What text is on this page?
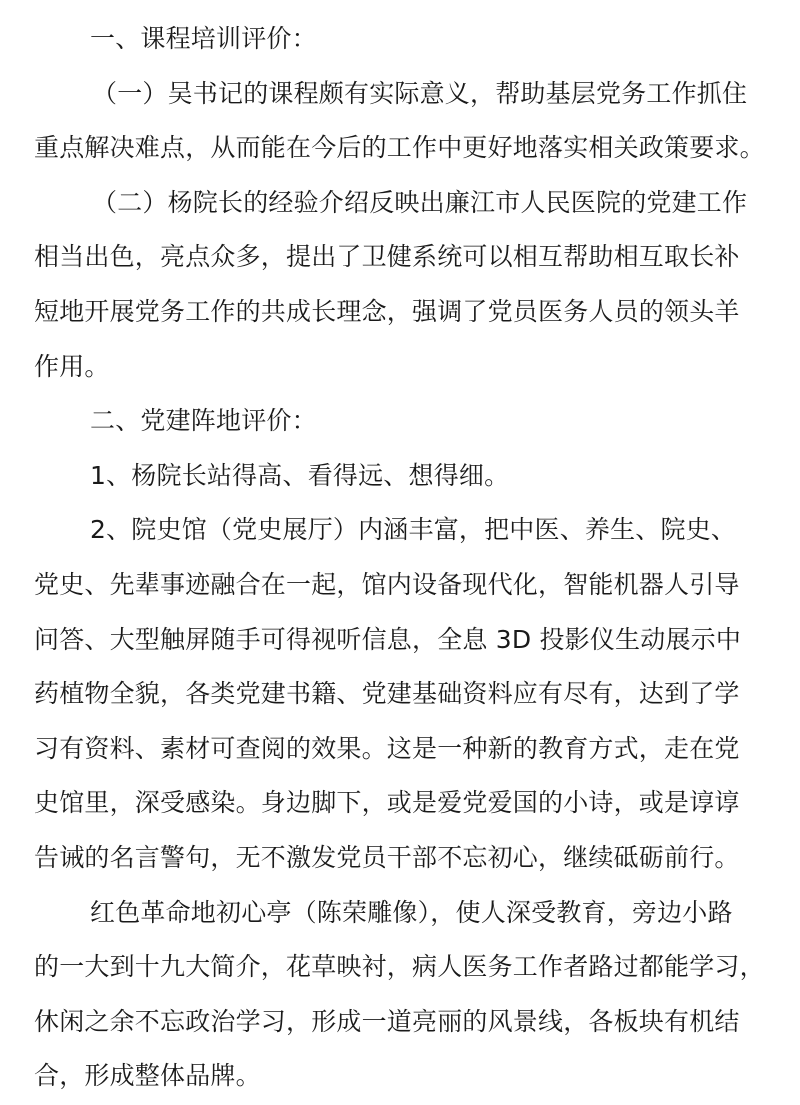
一、课程培训评价：
（一）吴书记的课程颇有实际意义，帮助基层党务工作抓住
重点解决难点，从而能在今后的工作中更好地落实相关政策要求。
（二）杨院长的经验介绍反映出廉江市人民医院的党建工作
相当出色，亮点众多，提出了卫健系统可以相互帮助相互取长补
短地开展党务工作的共成长理念，强调了党员医务人员的领头羊
作用。
二、党建阵地评价：
1、杨院长站得高、看得远、想得细。
2、院史馆（党史展厅）内涵丰富，把中医、养生、院史、
党史、先辈事迹融合在一起，馆内设备现代化，智能机器人引导
问答、大型触屏随手可得视听信息，全息 3D 投影仪生动展示中
药植物全貌，各类党建书籍、党建基础资料应有尽有，达到了学
习有资料、素材可查阅的效果。这是一种新的教育方式，走在党
史馆里，深受感染。身边脚下，或是爱党爱国的小诗，或是谆谆
告诫的名言警句，无不激发党员干部不忘初心，继续砥砺前行。
红色革命地初心亭（陈荣雕像），使人深受教育，旁边小路
的一大到十九大简介，花草映衬，病人医务工作者路过都能学习，
休闲之余不忘政治学习，形成一道亮丽的风景线，各板块有机结
合，形成整体品牌。
